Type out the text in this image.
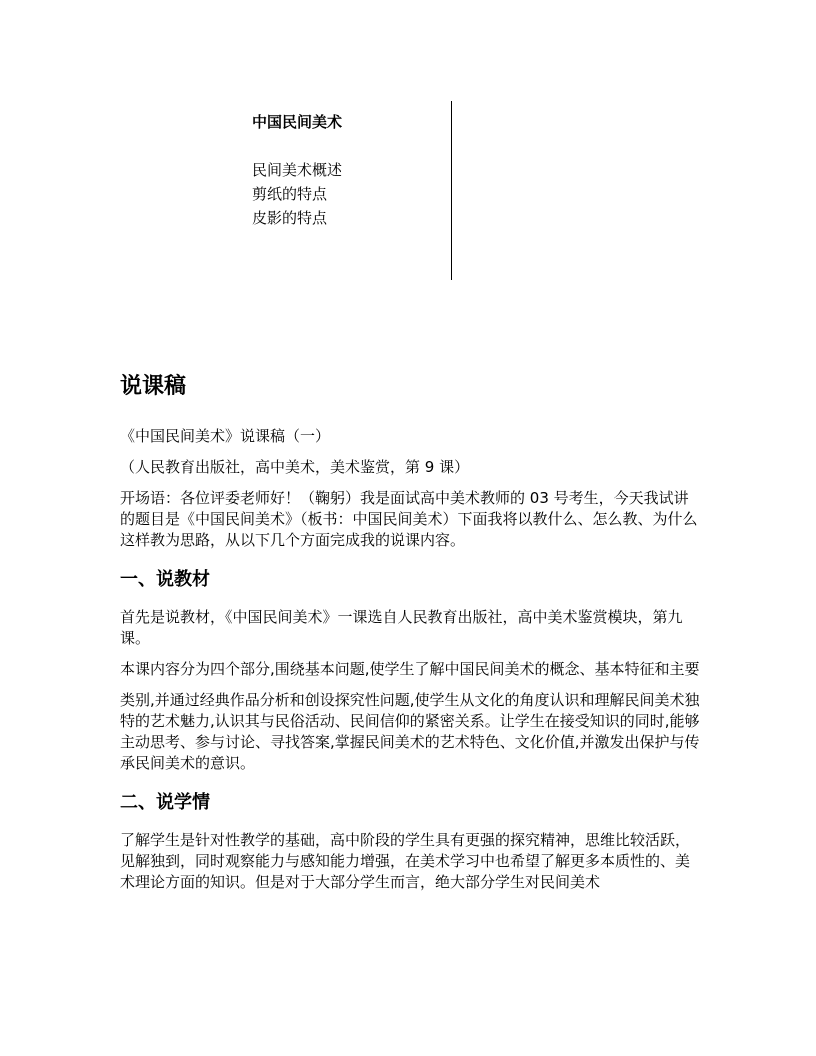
中国民间美术
民间美术概述
剪纸的特点
皮影的特点
说课稿

《中国民间美术》说课稿（一）

（人民教育出版社，高中美术，美术鉴赏，第 9 课）

开场语：各位评委老师好！（鞠躬）我是面试高中美术教师的 03 号考生，今天我试讲的题目是《中国民间美术》（板书：中国民间美术）下面我将以教什么、怎么教、为什么这样教为思路，从以下几个方面完成我的说课内容。

一、说教材

首先是说教材，《中国民间美术》一课选自人民教育出版社，高中美术鉴赏模块，第九课。

本课内容分为四个部分,围绕基本问题,使学生了解中国民间美术的概念、基本特征和主要

类别,并通过经典作品分析和创设探究性问题,使学生从文化的角度认识和理解民间美术独特的艺术魅力,认识其与民俗活动、民间信仰的紧密关系。让学生在接受知识的同时,能够主动思考、参与讨论、寻找答案,掌握民间美术的艺术特色、文化价值,并激发出保护与传承民间美术的意识。

二、说学情

了解学生是针对性教学的基础，高中阶段的学生具有更强的探究精神，思维比较活跃，见解独到，同时观察能力与感知能力增强，在美术学习中也希望了解更多本质性的、美术理论方面的知识。但是对于大部分学生而言，绝大部分学生对民间美术
